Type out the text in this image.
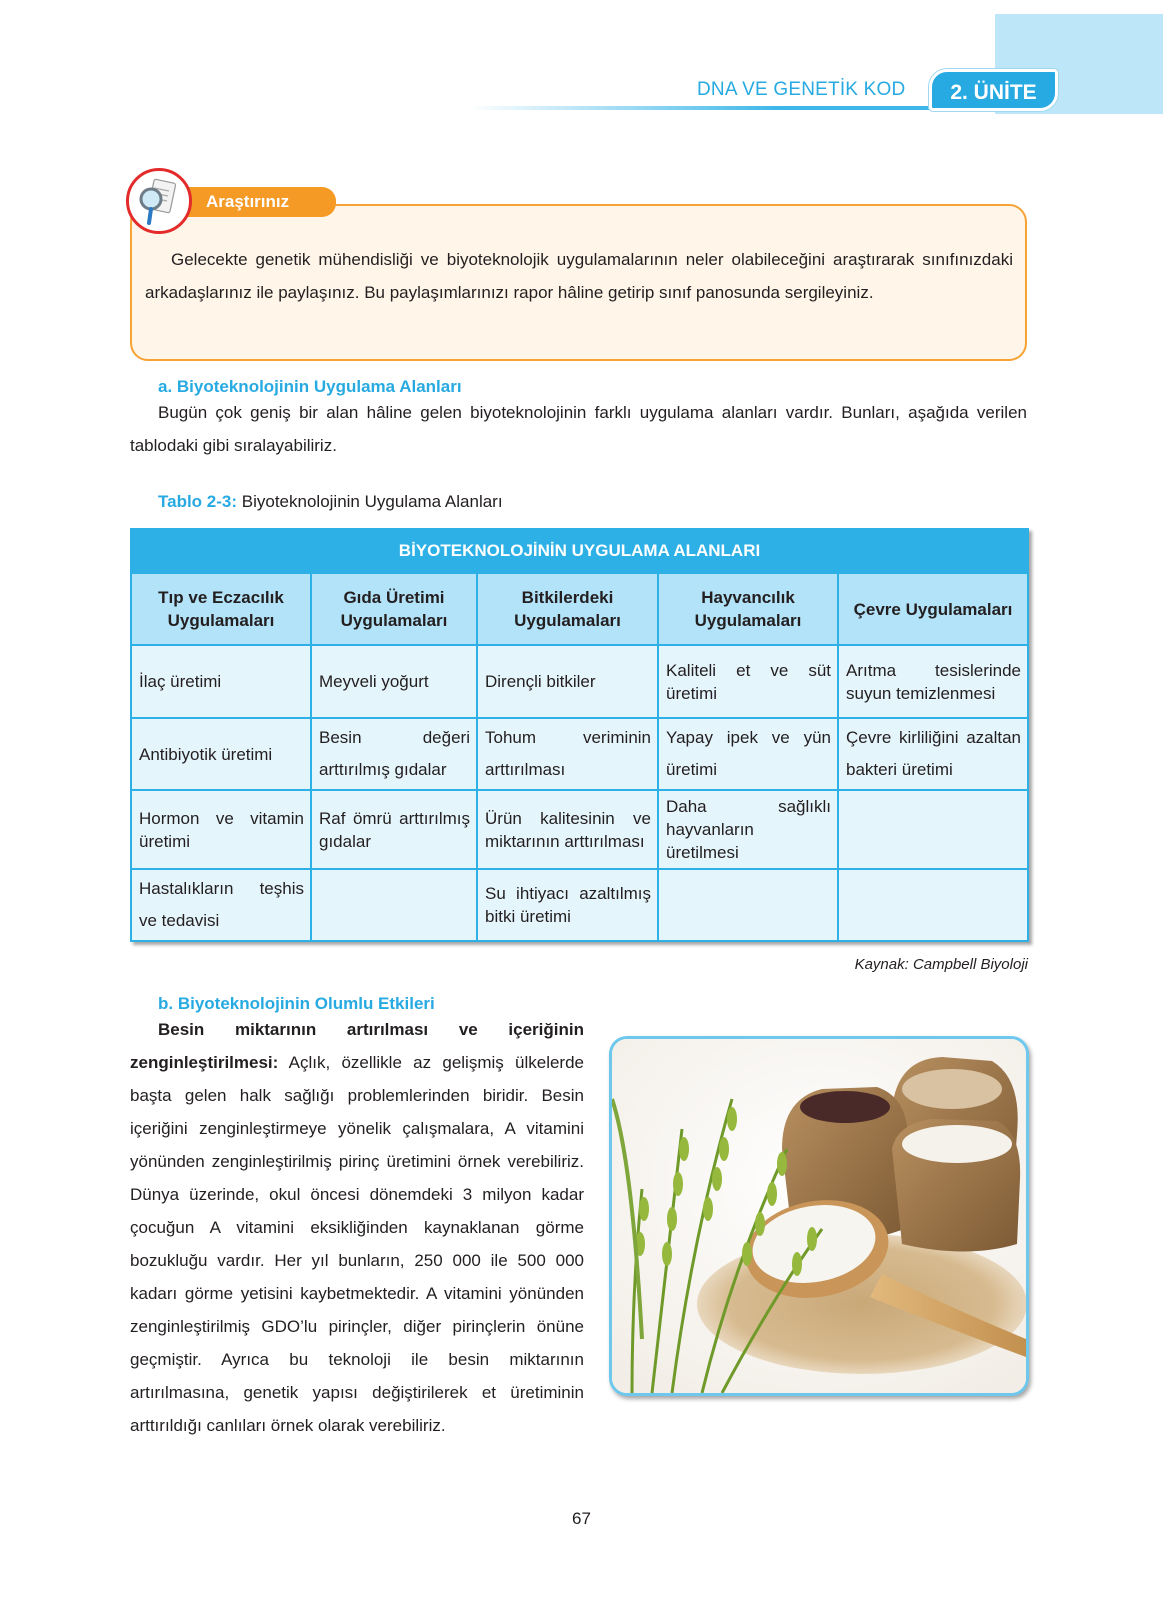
DNA VE GENETİK KOD	2. ÜNİTE
Araştırınız
Gelecekte genetik mühendisliği ve biyoteknolojik uygulamalarının neler olabileceğini araştırarak sınıfınızdaki arkadaşlarınız ile paylaşınız. Bu paylaşımlarınızı rapor hâline getirip sınıf panosunda sergileyiniz.
a. Biyoteknolojinin Uygulama Alanları
Bugün çok geniş bir alan hâline gelen biyoteknolojinin farklı uygulama alanları vardır. Bunları, aşağıda verilen tablodaki gibi sıralayabiliriz.
Tablo 2-3: Biyoteknolojinin Uygulama Alanları
BİYOTEKNOLOJİNİN UYGULAMA ALANLARI				
Tıp ve Eczacılık Uygulamaları	Gıda Üretimi Uygulamaları	Bitkilerdeki Uygulamaları	Hayvancılık Uygulamaları	Çevre Uygulamaları
İlaç üretimi	Meyveli yoğurt	Dirençli bitkiler	Kaliteli et ve süt üretimi	Arıtma tesislerinde suyun temizlenmesi
Antibiyotik üretimi	Besin değeri arttırılmış gıdalar	Tohum veriminin arttırılması	Yapay ipek ve yün üretimi	Çevre kirliliğini azaltan bakteri üretimi
Hormon ve vitamin üretimi	Raf ömrü arttırılmış gıdalar	Ürün kalitesinin ve miktarının arttırılması	Daha sağlıklı hayvanların üretilmesi	
Hastalıkların teşhis ve tedavisi		Su ihtiyacı azaltılmış bitki üretimi		
Kaynak: Campbell Biyoloji
b. Biyoteknolojinin Olumlu Etkileri
Besin miktarının artırılması ve içeriğinin zenginleştirilmesi: Açlık, özellikle az gelişmiş ülkelerde başta gelen halk sağlığı problemlerinden biridir. Besin içeriğini zenginleştirmeye yönelik çalışmalara, A vitamini yönünden zenginleştirilmiş pirinç üretimini örnek verebiliriz. Dünya üzerinde, okul öncesi dönemdeki 3 milyon kadar çocuğun A vitamini eksikliğinden kaynaklanan görme bozukluğu vardır. Her yıl bunların, 250 000 ile 500 000 kadarı görme yetisini kaybetmektedir. A vitamini yönünden zenginleştirilmiş GDO’lu pirinçler, diğer pirinçlerin önüne geçmiştir. Ayrıca bu teknoloji ile besin miktarının artırılmasına, genetik yapısı değiştirilerek et üretiminin arttırıldığı canlıları örnek olarak verebiliriz.
67
